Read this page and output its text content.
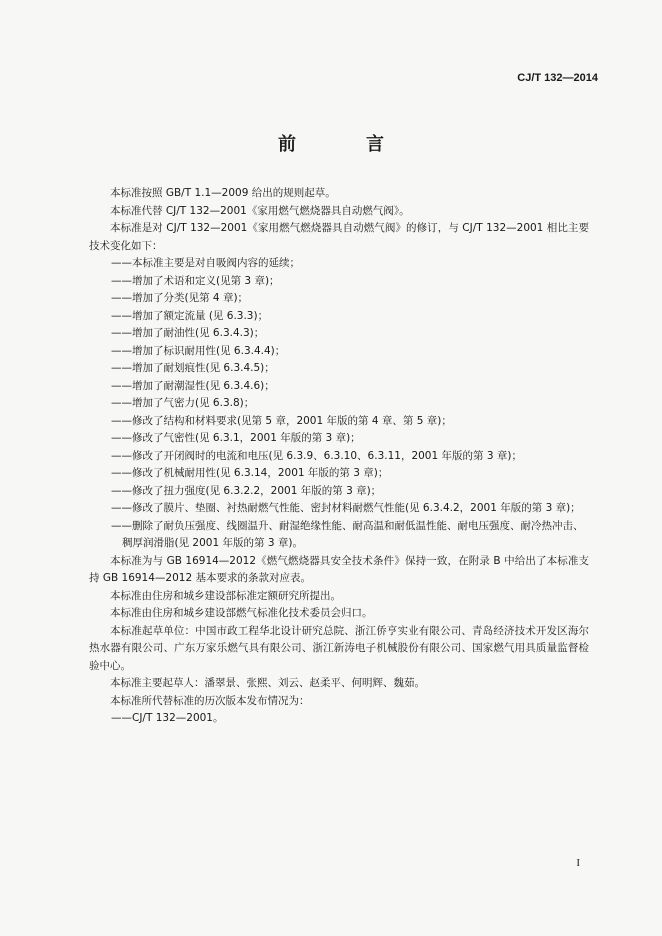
CJ/T 132—2014
前　言

本标准按照 GB/T 1.1—2009 给出的规则起草。

本标准代替 CJ/T 132—2001《家用燃气燃烧器具自动燃气阀》。

本标准是对 CJ/T 132—2001《家用燃气燃烧器具自动燃气阀》的修订，与 CJ/T 132—2001 相比主要技术变化如下：

——本标准主要是对自吸阀内容的延续；
——增加了术语和定义(见第 3 章)；
——增加了分类(见第 4 章)；
——增加了额定流量 (见 6.3.3)；
——增加了耐油性(见 6.3.4.3)；
——增加了标识耐用性(见 6.3.4.4)；
——增加了耐划痕性(见 6.3.4.5)；
——增加了耐潮湿性(见 6.3.4.6)；
——增加了气密力(见 6.3.8)；
——修改了结构和材料要求(见第 5 章，2001 年版的第 4 章、第 5 章)；
——修改了气密性(见 6.3.1，2001 年版的第 3 章)；
——修改了开闭阀时的电流和电压(见 6.3.9、6.3.10、6.3.11，2001 年版的第 3 章)；
——修改了机械耐用性(见 6.3.14，2001 年版的第 3 章)；
——修改了扭力强度(见 6.3.2.2，2001 年版的第 3 章)；
——修改了膜片、垫圈、衬热耐燃气性能、密封材料耐燃气性能(见 6.3.4.2，2001 年版的第 3 章)；
——删除了耐负压强度、线圈温升、耐湿绝缘性能、耐高温和耐低温性能、耐电压强度、耐冷热冲击、稠厚润滑脂(见 2001 年版的第 3 章)。

本标准为与 GB 16914—2012《燃气燃烧器具安全技术条件》保持一致，在附录 B 中给出了本标准支持 GB 16914—2012 基本要求的条款对应表。

本标准由住房和城乡建设部标准定额研究所提出。

本标准由住房和城乡建设部燃气标准化技术委员会归口。

本标准起草单位：中国市政工程华北设计研究总院、浙江侨亨实业有限公司、青岛经济技术开发区海尔热水器有限公司、广东万家乐燃气具有限公司、浙江新涛电子机械股份有限公司、国家燃气用具质量监督检验中心。

本标准主要起草人：潘翠景、张熙、刘云、赵柔平、何明辉、魏茹。

本标准所代替标准的历次版本发布情况为：

——CJ/T 132—2001。
I
